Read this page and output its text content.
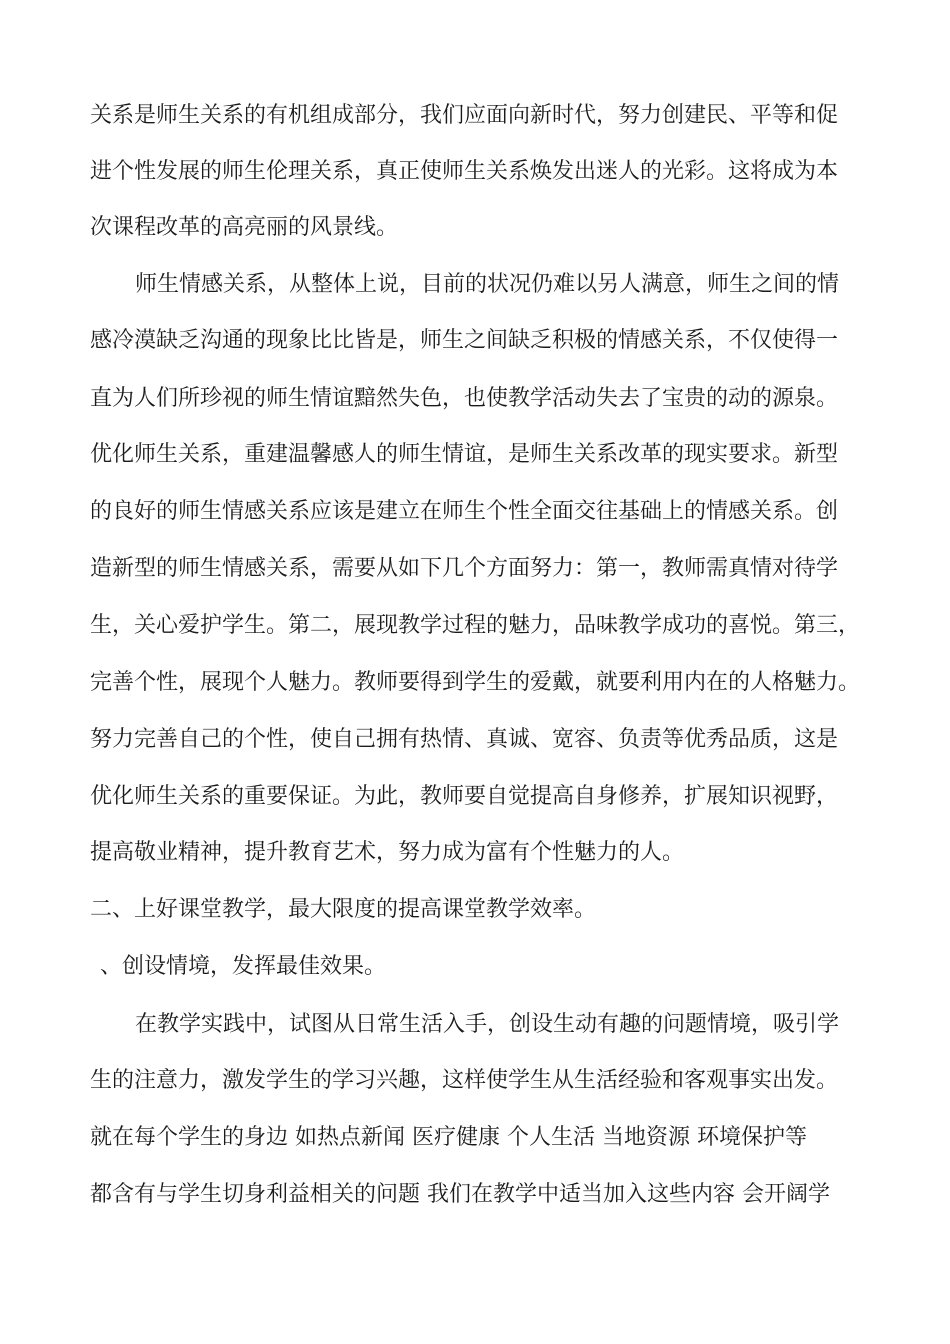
关系是师生关系的有机组成部分，我们应面向新时代，努力创建民、平等和促
进个性发展的师生伦理关系，真正使师生关系焕发出迷人的光彩。这将成为本
次课程改革的高亮丽的风景线。
师生情感关系，从整体上说，目前的状况仍难以另人满意，师生之间的情
感冷漠缺乏沟通的现象比比皆是，师生之间缺乏积极的情感关系，不仅使得一
直为人们所珍视的师生情谊黯然失色，也使教学活动失去了宝贵的动的源泉。
优化师生关系，重建温馨感人的师生情谊，是师生关系改革的现实要求。新型
的良好的师生情感关系应该是建立在师生个性全面交往基础上的情感关系。创
造新型的师生情感关系，需要从如下几个方面努力：第一，教师需真情对待学
生，关心爱护学生。第二，展现教学过程的魅力，品味教学成功的喜悦。第三，
完善个性，展现个人魅力。教师要得到学生的爱戴，就要利用内在的人格魅力。
努力完善自己的个性，使自己拥有热情、真诚、宽容、负责等优秀品质，这是
优化师生关系的重要保证。为此，教师要自觉提高自身修养，扩展知识视野，
提高敬业精神，提升教育艺术，努力成为富有个性魅力的人。
二、上好课堂教学，最大限度的提高课堂教学效率。
、创设情境，发挥最佳效果。
在教学实践中，试图从日常生活入手，创设生动有趣的问题情境，吸引学
生的注意力，激发学生的学习兴趣，这样使学生从生活经验和客观事实出发。
就在每个学生的身边 如热点新闻 医疗健康 个人生活 当地资源 环境保护等
都含有与学生切身利益相关的问题 我们在教学中适当加入这些内容 会开阔学
